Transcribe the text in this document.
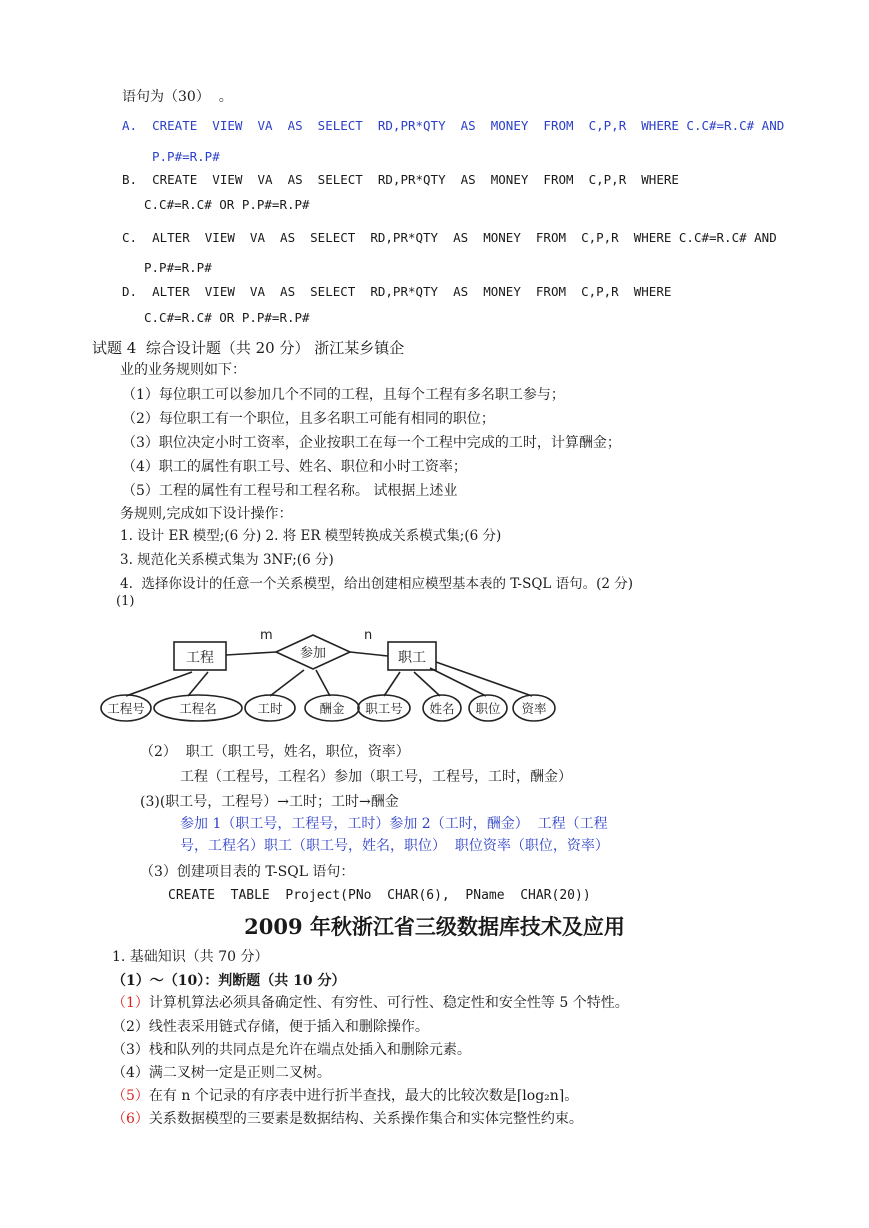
语句为（30）  。
A.  CREATE  VIEW  VA  AS  SELECT  RD,PR*QTY  AS  MONEY  FROM  C,P,R  WHERE C.C#=R.C# AND
P.P#=R.P#
B.  CREATE  VIEW  VA  AS  SELECT  RD,PR*QTY  AS  MONEY  FROM  C,P,R  WHERE
C.C#=R.C# OR P.P#=R.P#
C.  ALTER  VIEW  VA  AS  SELECT  RD,PR*QTY  AS  MONEY  FROM  C,P,R  WHERE C.C#=R.C# AND
P.P#=R.P#
D.  ALTER  VIEW  VA  AS  SELECT  RD,PR*QTY  AS  MONEY  FROM  C,P,R  WHERE
C.C#=R.C# OR P.P#=R.P#
试题 4  综合设计题（共 20 分） 浙江某乡镇企
业的业务规则如下：
（1）每位职工可以参加几个不同的工程，且每个工程有多名职工参与；
（2）每位职工有一个职位，且多名职工可能有相同的职位；
（3）职位决定小时工资率，企业按职工在每一个工程中完成的工时，计算酬金；
（4）职工的属性有职工号、姓名、职位和小时工资率；
（5）工程的属性有工程号和工程名称。 试根据上述业
务规则,完成如下设计操作：
1. 设计 ER 模型;(6 分) 2. 将 ER 模型转换成关系模式集;(6 分)
3. 规范化关系模式集为 3NF;(6 分)
4.  选择你设计的任意一个关系模型，给出创建相应模型基本表的 T-SQL 语句。(2 分)
(1)
m	n
工程	参加	职工
工程号	工程名	工时	酬金 职工号 姓名 职位 资率
（2）  职工（职工号，姓名，职位，资率）
工程（工程号，工程名）参加（职工号，工程号，工时，酬金）
(3)(职工号，工程号）→工时；工时→酬金
参加 1（职工号，工程号，工时）参加 2（工时，酬金）  工程（工程
号，工程名）职工（职工号，姓名，职位）  职位资率（职位，资率）
（3）创建项目表的 T-SQL 语句：
CREATE  TABLE  Project(PNo  CHAR(6),  PName  CHAR(20))
2009 年秋浙江省三级数据库技术及应用
1. 基础知识（共 70 分）
（1）～（10）：判断题（共 10 分）
（1）计算机算法必须具备确定性、有穷性、可行性、稳定性和安全性等 5 个特性。
（2）线性表采用链式存储，便于插入和删除操作。
（3）栈和队列的共同点是允许在端点处插入和删除元素。
（4）满二叉树一定是正则二叉树。
（5）在有 n 个记录的有序表中进行折半查找，最大的比较次数是⌈log₂n⌉。
（6）关系数据模型的三要素是数据结构、关系操作集合和实体完整性约束。
